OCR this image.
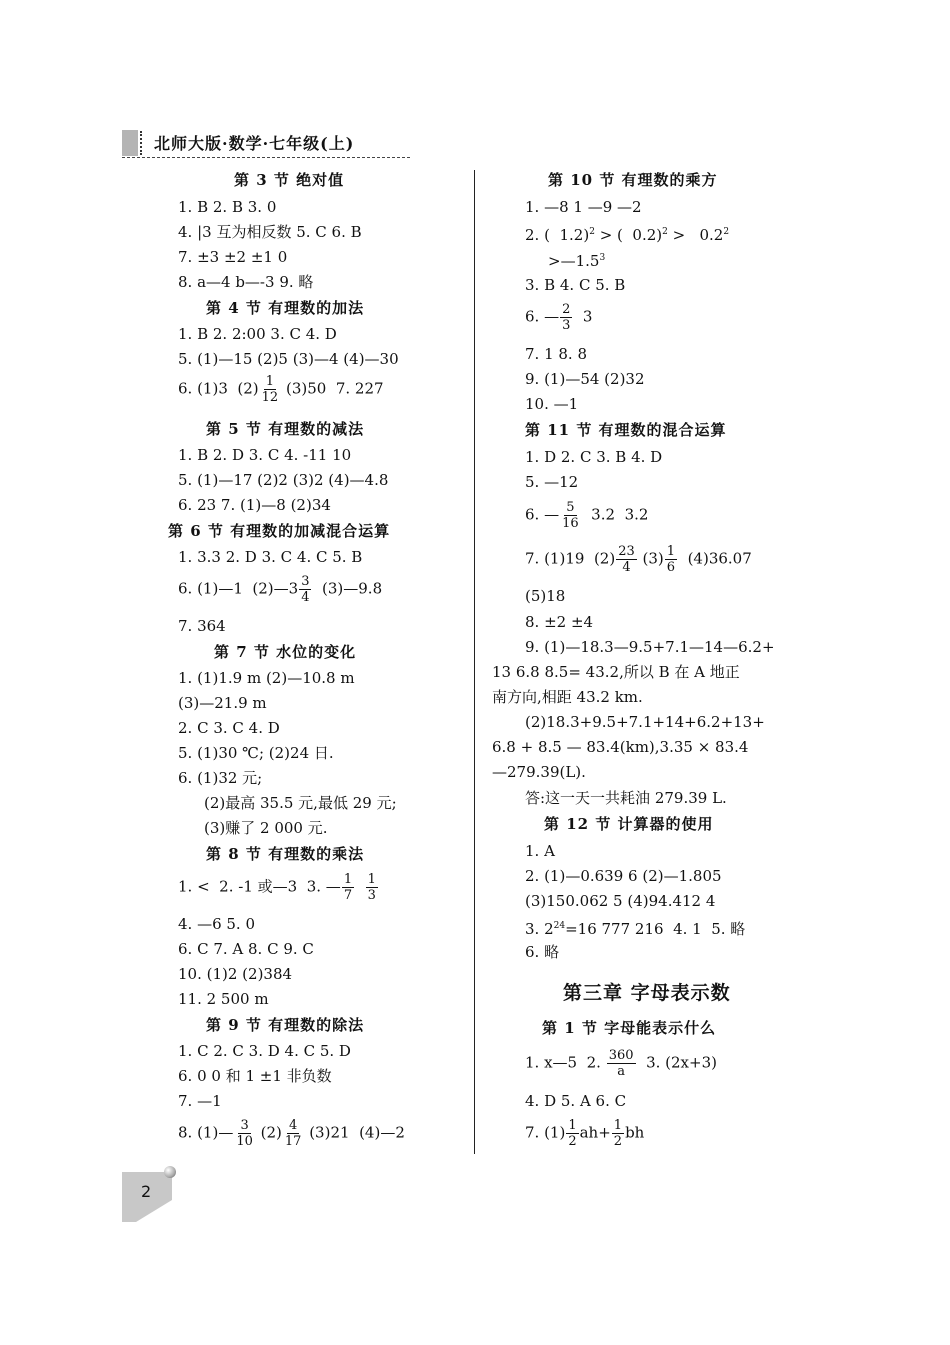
北师大版·数学·七年级(上)
第 3 节 绝对值
1. B 2. B 3. 0
4. |3 互为相反数 5. C 6. B
7. ±3 ±2 ±1 0
8. a—4 b—-3 9. 略
第 4 节 有理数的加法
1. B 2. 2:00 3. C 4. D
5. (1)—15 (2)5 (3)—4 (4)—30
6. (1)3  $(2) \frac{1}{12} (3)50$  7. 227
第 5 节 有理数的减法
1. B 2. D 3. C 4. -11 10
5. (1)—17 (2)2 (3)2 (4)—4.8
6. 23 7. (1)—8 (2)34
第 6 节 有理数的加减混合运算
1. 3.3 2. D 3. C 4. C 5. B
6. (1)—1  (2)—3 $\frac{3}{4}$ (3)—9.8
7. 364
第 7 节 水位的变化
1. (1)1.9 m (2)—10.8 m
(3)—21.9 m
2. C 3. C 4. D
5. (1)30 ℃; (2)24 日.
6. (1)32 元;
(2)最高 35.5 元,最低 29 元;
(3)赚了 2 000 元.
第 8 节 有理数的乘法
1. <  2. -1 或—3  3. — $\frac{1}{7}$
$\frac{1}{3}$
4. —6 5. 0
6. C 7. A 8. C 9. C
10. (1)2 (2)384
11. 2 500 m
第 9 节 有理数的除法
1. C 2. C 3. D 4. C 5. D
6. 0 0 和 1 ±1 非负数
7. —1
8. (1)— $\frac{3}{10} (2) \frac{4}{17} (3)21$  (4)—2
第 10 节 有理数的乘方
1. —8 1 —9 —2
2. (  1.2)$^2$ > (  $0.2)^2 > 0.2^2$
$>—1.5^3$
3. B 4. C 5. B
6. — $\frac{2}{3} 3$
7. 1 8. 8
9. (1)—54 (2)32
10. —1
第 11 节 有理数的混合运算
1. D 2. C 3. B 4. D
5. —12
6. — $\frac{5}{16} 3.2$  3.2
7. (1)19  $(2) \frac{23}{4} (3) \frac{1}{6} (4)36.07$
(5)18
8. ±2 ±4
9. (1)—18.3—9.5+7.1—14—6.2+
13 6.8 8.5= 43.2,所以 B 在 A 地正
南方向,相距 43.2 km.
(2)18.3+9.5+7.1+14+6.2+13+
6.8 + 8.5 — 83.4(km),3.35 × 83.4
—279.39(L).
答:这一天一共耗油 279.39 L.
第 12 节 计算器的使用
1. A
2. (1)—0.639 6 (2)—1.805
(3)150.062 5 (4)94.412 4
3. $2^{24}=16$ 777 216  4. 1  5. 略
6. 略
第三章 字母表示数
第 1 节 字母能表示什么
1. x—5  2. $\frac{360}{a} 3$. (2x+3)
4. D 5. A 6. C
7. $(1) \frac{1}{2} ah+ \frac{1}{2}$ bh
2
